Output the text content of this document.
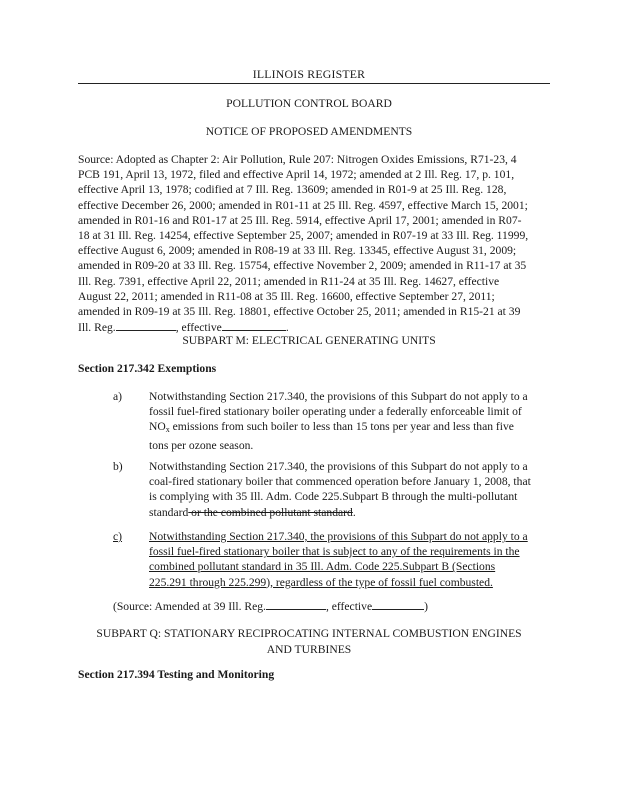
ILLINOIS REGISTER
POLLUTION CONTROL BOARD
NOTICE OF PROPOSED AMENDMENTS
Source: Adopted as Chapter 2: Air Pollution, Rule 207: Nitrogen Oxides Emissions, R71-23, 4
PCB 191, April 13, 1972, filed and effective April 14, 1972; amended at 2 Ill. Reg. 17, p. 101,
effective April 13, 1978; codified at 7 Ill. Reg. 13609; amended in R01-9 at 25 Ill. Reg. 128,
effective December 26, 2000; amended in R01-11 at 25 Ill. Reg. 4597, effective March 15, 2001;
amended in R01-16 and R01-17 at 25 Ill. Reg. 5914, effective April 17, 2001; amended in R07-
18 at 31 Ill. Reg. 14254, effective September 25, 2007; amended in R07-19 at 33 Ill. Reg. 11999,
effective August 6, 2009; amended in R08-19 at 33 Ill. Reg. 13345, effective August 31, 2009;
amended in R09-20 at 33 Ill. Reg. 15754, effective November 2, 2009; amended in R11-17 at 35
Ill. Reg. 7391, effective April 22, 2011; amended in R11-24 at 35 Ill. Reg. 14627, effective
August 22, 2011; amended in R11-08 at 35 Ill. Reg. 16600, effective September 27, 2011;
amended in R09-19 at 35 Ill. Reg. 18801, effective October 25, 2011; amended in R15-21 at 39
Ill. Reg.	, effective	.
SUBPART M: ELECTRICAL GENERATING UNITS
Section 217.342 Exemptions
a) Notwithstanding Section 217.340, the provisions of this Subpart do not apply to a
fossil fuel-fired stationary boiler operating under a federally enforceable limit of
$NO_x$ emissions from such boiler to less than 15 tons per year and less than five
tons per ozone season.
b) Notwithstanding Section 217.340, the provisions of this Subpart do not apply to a
coal-fired stationary boiler that commenced operation before January 1, 2008, that
is complying with 35 Ill. Adm. Code 225.Subpart B through the multi-pollutant
standard or the combined pollutant standard.
c) Notwithstanding Section 217.340, the provisions of this Subpart do not apply to a
fossil fuel-fired stationary boiler that is subject to any of the requirements in the
combined pollutant standard in 35 Ill. Adm. Code 225.Subpart B (Sections
225.291 through 225.299), regardless of the type of fossil fuel combusted.
(Source: Amended at 39 Ill. Reg.	, effective	)
SUBPART Q: STATIONARY RECIPROCATING INTERNAL COMBUSTION ENGINES
AND TURBINES
Section 217.394 Testing and Monitoring
